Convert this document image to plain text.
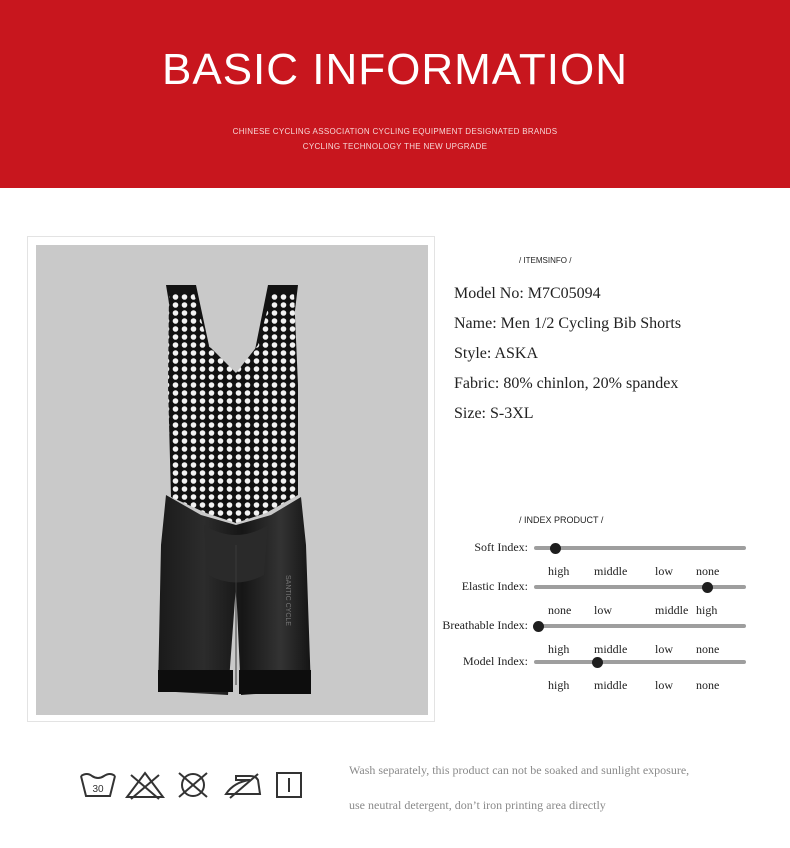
BASIC INFORMATION
CHINESE CYCLING ASSOCIATION CYCLING EQUIPMENT DESIGNATED BRANDS
CYCLING TECHNOLOGY THE NEW UPGRADE
SANTIC CYCLE
/ ITEMSINFO /
Model No: M7C05094
Name: Men 1/2 Cycling Bib Shorts
Style: ASKA
Fabric: 80% chinlon, 20% spandex
Size: S-3XL
/ INDEX PRODUCT /
Soft Index:
high middle low none
Elastic Index:
none low	middle high
Breathable Index:
high middle low none
Model Index:
high middle low none
30
Wash separately, this product can not be soaked and sunlight exposure,
use neutral detergent, don’t iron printing area directly
